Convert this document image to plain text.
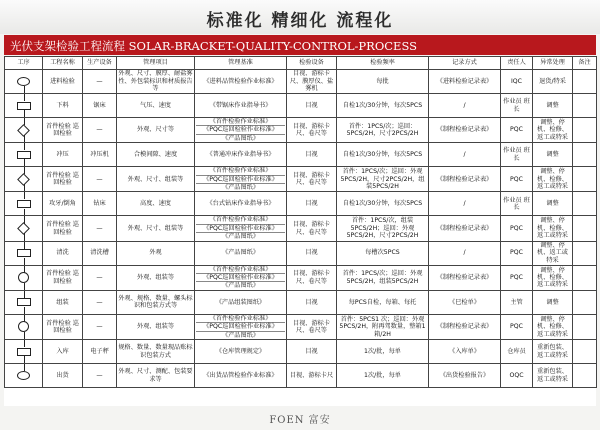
标准化 精细化 流程化
光伏支架检验工程流程 SOLAR-BRACKET-QUALITY-CONTROL-PROCESS
工序	工程名称	生产设备	管理项目	管理基准	检验设备	检验频率	记录方式	责任人	异常处理	备注

	进料检验	—	外观、尺寸、膜厚、耐盐雾性、外包装标识和材质报告等	《进料品管检验作业标准》	目视、游标卡尺、膜厚仪、盐雾机	每批	《进料检验记录表》	IQC	退货/特采	

	下料	锯床	气压、速度	《带锯床作业指导书》	目视	自检1次/30分钟，每次5PCS	/	作业员 班长	调整	

	首件检验 巡回检验	—	外观、尺寸等	《首件检验作业标准》
《PQC巡回检验作业标准》
《产品图纸》	目视、游标卡尺、卷尺等	首件：1PCS/次；巡回：5PCS/2H，尺寸2PCS/2H	《制程检验记录表》	PQC	调整、停机、检修、返工或特采	

	冲压	冲压机	合模间隙、速度	《普通冲床作业指导书》	目视	自检1次/30分钟，每次5PCS	/	作业员 班长	调整	

	首件检验 巡回检验	—	外观、尺寸、组装等	《首件检验作业标准》
《PQC巡回检验作业标准》
《产品图纸》	目视、游标卡尺、卷尺等	首件：1PCS/次；巡回：外观5PCS/2H，尺寸2PCS/2H，组装5PCS/2H	《制程检验记录表》	PQC	调整、停机、检修、返工或特采	

	攻牙/倒角	钻床	高度、速度	《台式钻床作业指导书》	目视	自检1次/30分钟，每次5PCS	/	作业员 班长	调整	

	首件检验 巡回检验	—	外观、尺寸、组装等	《首件检验作业标准》
《PQC巡回检验作业标准》
《产品图纸》	目视、游标卡尺、卷尺等	首件：1PCS/次，组装5PCS/2H；巡回：外观5PCS/2H，尺寸2PCS/2H	《制程检验记录表》	PQC	调整、停机、检修、返工或特采	

	清洗	清洗槽	外观	《产品图纸》	目视	每槽次5PCS	/	PQC	调整、停机、返工或特采	

	首件检验 巡回检验	—	外观、组装等	《首件检验作业标准》
《PQC巡回检验作业标准》
《产品图纸》	目视、游标卡尺、卷尺等	首件：1PCS/次；巡回：外观5PCS/2H，组装5PCS/2H	《制程检验记录表》	PQC	调整、停机、检修、返工或特采	

	组装	—	外观、规格、数量、螺头标识和包装方式等	《产品组装图纸》	目视	每PCS自检，每箱、每托	《巳检单》	主管	调整	

	首件检验 巡回检验	—	外观、组装等	《首件检验作业标准》
《PQC巡回检验作业标准》
《产品图纸》	目视、游标卡尺、卷尺等	首件：5PCS1 次；巡回：外观5PCS/2H，附再驾数量，整箱1箱/2H	《制程检验记录表》	PQC	调整、停机、检修、返工或特采	

	入库	电子秤	规格、数量、数量现品账标识包装方式	《仓库管理规定》	目视	1次/批，每单	《入库单》	仓库员	重新包装、返工或特采	

	出货	—	外观、尺寸、测配、包装要求等	《出货品管检验作业标准》	目视、游标卡尺	1次/批，每单	《出货检验报告》	OQC	重新包装、返工或特采	
FOEN 富安
